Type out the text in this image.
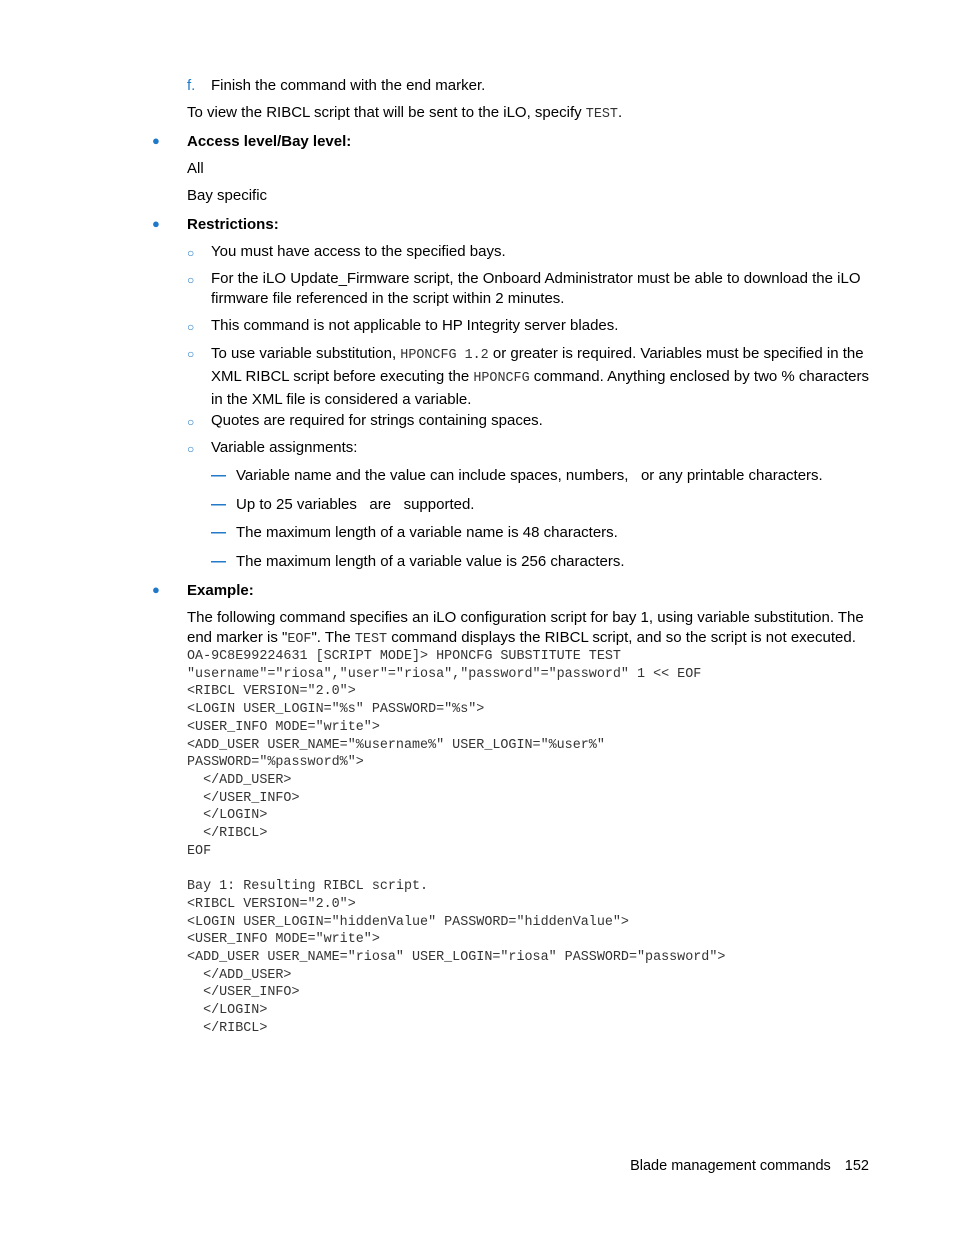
f. Finish the command with the end marker.
To view the RIBCL script that will be sent to the iLO, specify TEST.
● Access level/Bay level:
All
Bay specific
● Restrictions:
○ You must have access to the specified bays.
○ For the iLO Update_Firmware script, the Onboard Administrator must be able to download the iLO firmware file referenced in the script within 2 minutes.
○ This command is not applicable to HP Integrity server blades.
○ To use variable substitution, HPONCFG 1.2 or greater is required. Variables must be specified in the XML RIBCL script before executing the HPONCFG command. Anything enclosed by two % characters in the XML file is considered a variable.
○ Quotes are required for strings containing spaces.
○ Variable assignments:
— Variable name and the value can include spaces, numbers,   or any printable characters.
— Up to 25 variables   are   supported.
— The maximum length of a variable name is 48 characters.
— The maximum length of a variable value is 256 characters.
● Example:
The following command specifies an iLO configuration script for bay 1, using variable substitution. The end marker is "EOF". The TEST command displays the RIBCL script, and so the script is not executed.
OA-9C8E99224631 [SCRIPT MODE]> HPONCFG SUBSTITUTE TEST
"username"="riosa","user"="riosa","password"="password" 1 << EOF
<RIBCL VERSION="2.0">
<LOGIN USER_LOGIN="%s" PASSWORD="%s">
<USER_INFO MODE="write">
<ADD_USER USER_NAME="%username%" USER_LOGIN="%user%"
PASSWORD="%password%">
</ADD_USER>
</USER_INFO>
</LOGIN>
</RIBCL>
EOF

Bay 1: Resulting RIBCL script.
<RIBCL VERSION="2.0">
<LOGIN USER_LOGIN="hiddenValue" PASSWORD="hiddenValue">
<USER_INFO MODE="write">
<ADD_USER USER_NAME="riosa" USER_LOGIN="riosa" PASSWORD="password">
</ADD_USER>
</USER_INFO>
</LOGIN>
</RIBCL>
Blade management commands 152
